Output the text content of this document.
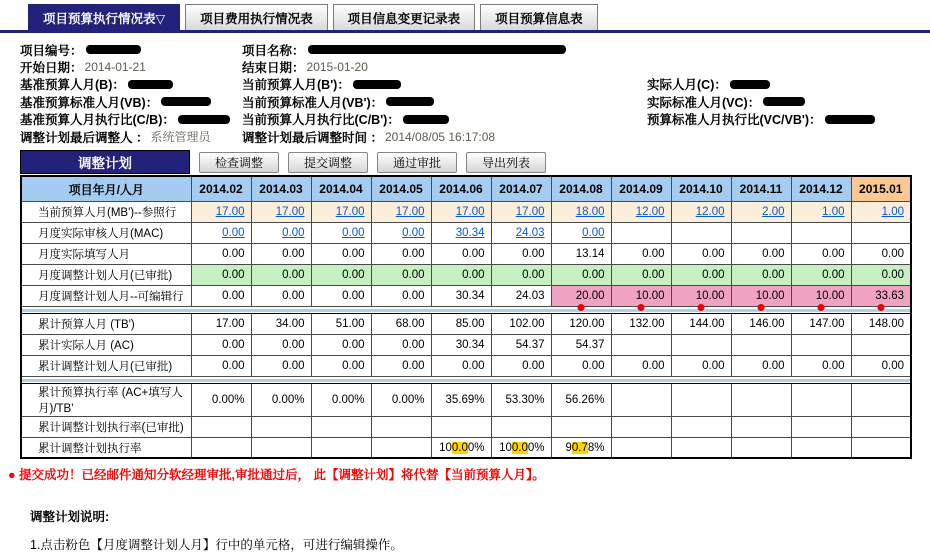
项目预算执行情况表▽	项目费用执行情况表	项目信息变更记录表	项目预算信息表
项目编号：
开始日期： 2014-01-21
基准预算人月(B)：
基准预算标准人月(VB)：
基准预算人月执行比(C/B)：
调整计划最后调整人 ： 系统管理员
项目名称：
结束日期： 2015-01-20
当前预算人月(B')：
当前预算标准人月(VB')：
当前预算人月执行比(C/B')：
调整计划最后调整时间 ： 2014/08/05 16:17:08
实际人月(C)：
实际标准人月(VC)：
预算标准人月执行比(VC/VB')：
调整计划	检查调整	提交调整	通过审批	导出列表
项目年月/人月	2014.02	2014.03	2014.04	2014.05	2014.06	2014.07	2014.08	2014.09	2014.10	2014.11	2014.12	2015.01
当前预算人月(MB')--参照行	17.00	17.00	17.00	17.00	17.00	17.00	18.00	12.00	12.00	2.00	1.00	1.00
月度实际审核人月(MAC)	0.00	0.00	0.00	0.00	30.34	24.03	0.00					
月度实际填写人月	0.00	0.00	0.00	0.00	0.00	0.00	13.14	0.00	0.00	0.00	0.00	0.00
月度调整计划人月(已审批)	0.00	0.00	0.00	0.00	0.00	0.00	0.00	0.00	0.00	0.00	0.00	0.00
月度调整计划人月--可编辑行	0.00	0.00	0.00	0.00	30.34	24.03	20.00	10.00	10.00	10.00	10.00	33.63

累计预算人月 (TB')	17.00	34.00	51.00	68.00	85.00	102.00	120.00	132.00	144.00	146.00	147.00	148.00
累计实际人月 (AC)	0.00	0.00	0.00	0.00	30.34	54.37	54.37					
累计调整计划人月(已审批)	0.00	0.00	0.00	0.00	0.00	0.00	0.00	0.00	0.00	0.00	0.00	0.00

累计预算执行率 (AC+填写人月)/TB'	0.00%	0.00%	0.00%	0.00%	35.69%	53.30%	56.26%					
累计调整计划执行率(已审批)												
累计调整计划执行率					100.00%	100.00%	90.78%					
● 提交成功！已经邮件通知分软经理审批,审批通过后， 此【调整计划】将代替【当前预算人月】。
调整计划说明:
1.点击粉色【月度调整计划人月】行中的单元格，可进行编辑操作。
